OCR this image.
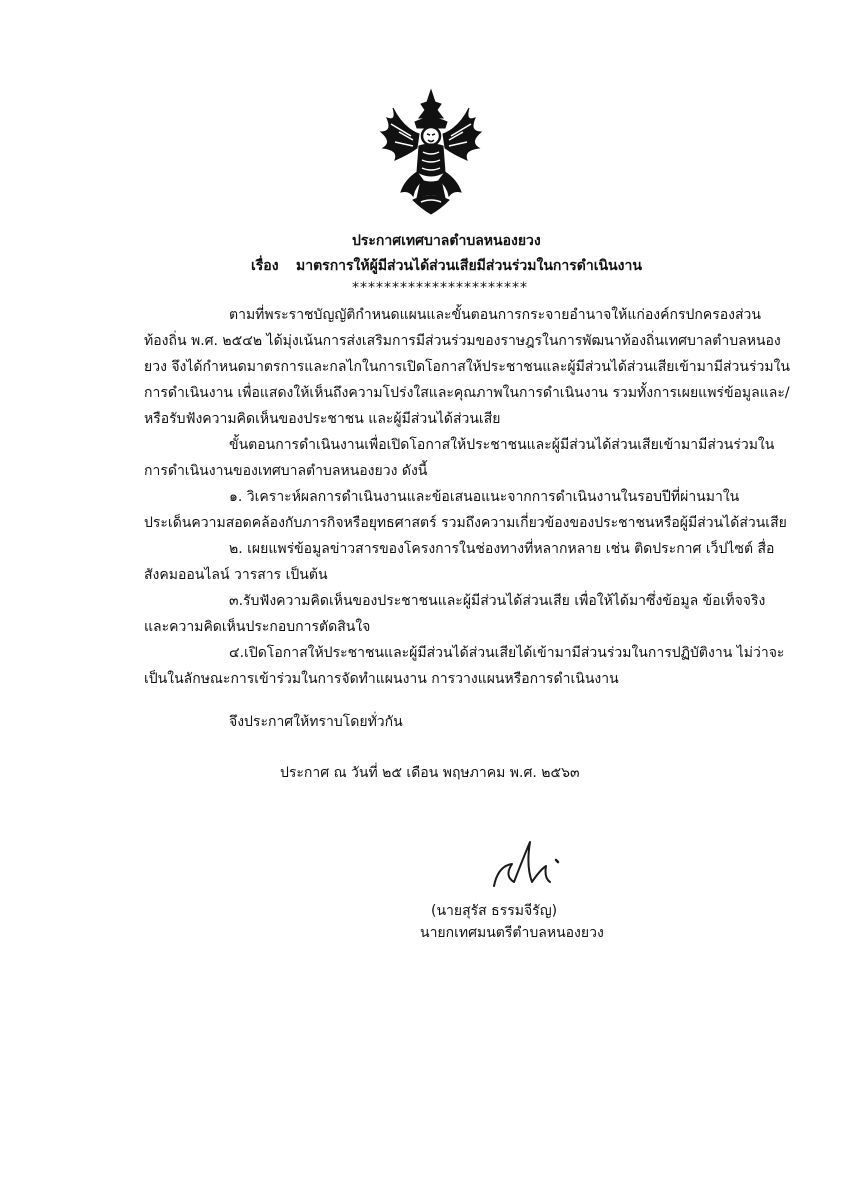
ประกาศเทศบาลตำบลหนองยวง
เรื่อง มาตรการให้ผู้มีส่วนได้ส่วนเสียมีส่วนร่วมในการดำเนินงาน
**********************
ตามที่พระราชบัญญัติกำหนดแผนและขั้นตอนการกระจายอำนาจให้แก่องค์กรปกครองส่วน
ท้องถิ่น พ.ศ. ๒๕๔๒ ได้มุ่งเน้นการส่งเสริมการมีส่วนร่วมของราษฎรในการพัฒนาท้องถิ่นเทศบาลตำบลหนอง
ยวง จึงได้กำหนดมาตรการและกลไกในการเปิดโอกาสให้ประชาชนและผู้มีส่วนได้ส่วนเสียเข้ามามีส่วนร่วมใน
การดำเนินงาน เพื่อแสดงให้เห็นถึงความโปร่งใสและคุณภาพในการดำเนินงาน รวมทั้งการเผยแพร่ข้อมูลและ/
หรือรับฟังความคิดเห็นของประชาชน และผู้มีส่วนได้ส่วนเสีย
ขั้นตอนการดำเนินงานเพื่อเปิดโอกาสให้ประชาชนและผู้มีส่วนได้ส่วนเสียเข้ามามีส่วนร่วมใน
การดำเนินงานของเทศบาลตำบลหนองยวง ดังนี้
๑. วิเคราะห์ผลการดำเนินงานและข้อเสนอแนะจากการดำเนินงานในรอบปีที่ผ่านมาใน
ประเด็นความสอดคล้องกับภารกิจหรือยุทธศาสตร์ รวมถึงความเกี่ยวข้องของประชาชนหรือผู้มีส่วนได้ส่วนเสีย
๒. เผยแพร่ข้อมูลข่าวสารของโครงการในช่องทางที่หลากหลาย เช่น ติดประกาศ เว็ปไซต์ สื่อ
สังคมออนไลน์ วารสาร เป็นต้น
๓.รับฟังความคิดเห็นของประชาชนและผู้มีส่วนได้ส่วนเสีย เพื่อให้ได้มาซึ่งข้อมูล ข้อเท็จจริง
และความคิดเห็นประกอบการตัดสินใจ
๔.เปิดโอกาสให้ประชาชนและผู้มีส่วนได้ส่วนเสียได้เข้ามามีส่วนร่วมในการปฏิบัติงาน ไม่ว่าจะ
เป็นในลักษณะการเข้าร่วมในการจัดทำแผนงาน การวางแผนหรือการดำเนินงาน
จึงประกาศให้ทราบโดยทั่วกัน
ประกาศ ณ วันที่ ๒๕ เดือน พฤษภาคม พ.ศ. ๒๕๖๓
(นายสุรัส ธรรมจีรัญ)
นายกเทศมนตรีตำบลหนองยวง
